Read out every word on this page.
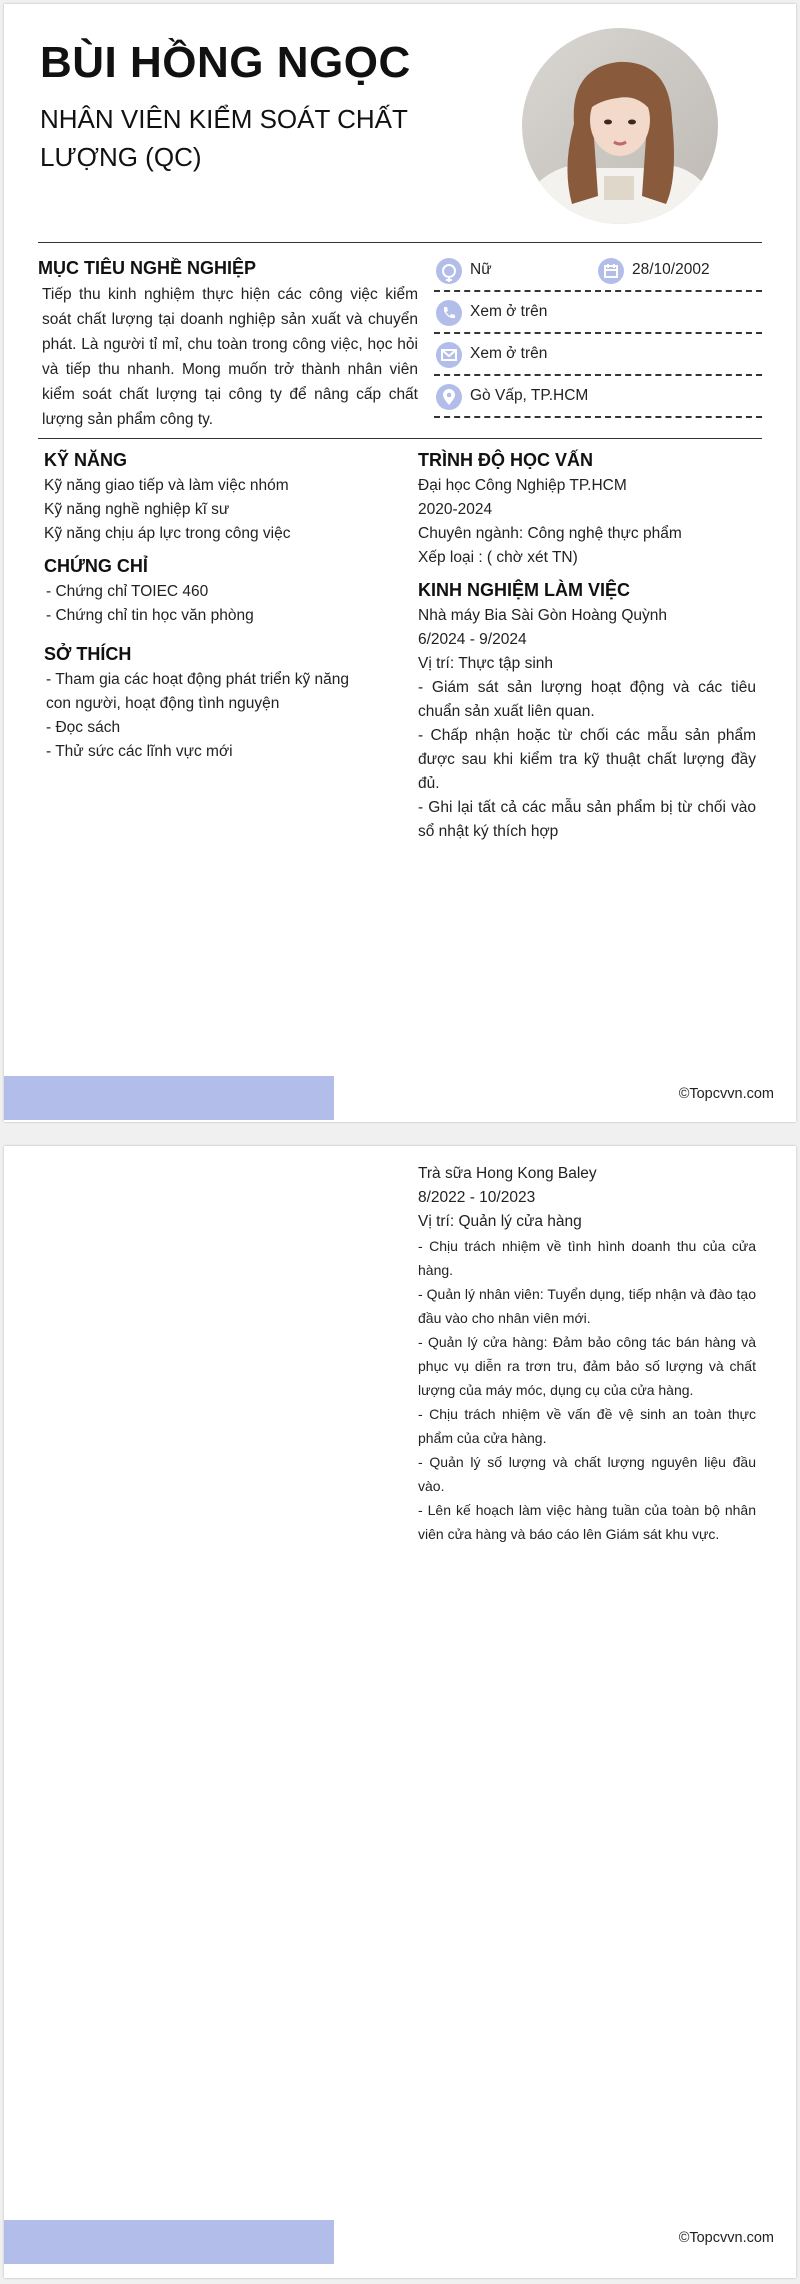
BÙI HỒNG NGỌC
NHÂN VIÊN KIỂM SOÁT CHẤT LƯỢNG (QC)
MỤC TIÊU NGHỀ NGHIỆP

Tiếp thu kinh nghiệm thực hiện các công việc kiểm soát chất lượng tại doanh nghiệp sản xuất và chuyển phát. Là người tỉ mỉ, chu toàn trong công việc, học hỏi và tiếp thu nhanh. Mong muốn trở thành nhân viên kiểm soát chất lượng tại công ty để nâng cấp chất lượng sản phẩm công ty.

Nữ	28/10/2002
Xem ở trên
Xem ở trên
Gò Vấp, TP.HCM
KỸ NĂNG
Kỹ năng giao tiếp và làm việc nhóm
Kỹ năng nghề nghiệp kĩ sư
Kỹ năng chịu áp lực trong công việc
CHỨNG CHỈ
- Chứng chỉ TOIEC 460
- Chứng chỉ tin học văn phòng
SỞ THÍCH
- Tham gia các hoạt động phát triển kỹ năng con người, hoạt động tình nguyện
- Đọc sách
- Thử sức các lĩnh vực mới
TRÌNH ĐỘ HỌC VẤN
Đại học Công Nghiệp TP.HCM
2020-2024
Chuyên ngành: Công nghệ thực phẩm
Xếp loại : ( chờ xét TN)
KINH NGHIỆM LÀM VIỆC
Nhà máy Bia Sài Gòn Hoàng Quỳnh
6/2024 - 9/2024
Vị trí: Thực tập sinh
- Giám sát sản lượng hoạt động và các tiêu chuẩn sản xuất liên quan.
- Chấp nhận hoặc từ chối các mẫu sản phẩm được sau khi kiểm tra kỹ thuật chất lượng đầy đủ.
- Ghi lại tất cả các mẫu sản phẩm bị từ chối vào sổ nhật ký thích hợp
©Topcvvn.com
Trà sữa Hong Kong Baley
8/2022 - 10/2023
Vị trí: Quản lý cửa hàng
- Chịu trách nhiệm về tình hình doanh thu của cửa hàng.
- Quản lý nhân viên: Tuyển dụng, tiếp nhận và đào tạo đầu vào cho nhân viên mới.
- Quản lý cửa hàng: Đảm bảo công tác bán hàng và phục vụ diễn ra trơn tru, đảm bảo số lượng và chất lượng của máy móc, dụng cụ của cửa hàng.
- Chịu trách nhiệm về vấn đề vệ sinh an toàn thực phẩm của cửa hàng.
- Quản lý số lượng và chất lượng nguyên liệu đầu vào.
- Lên kế hoạch làm việc hàng tuần của toàn bộ nhân viên cửa hàng và báo cáo lên Giám sát khu vực.
©Topcvvn.com
